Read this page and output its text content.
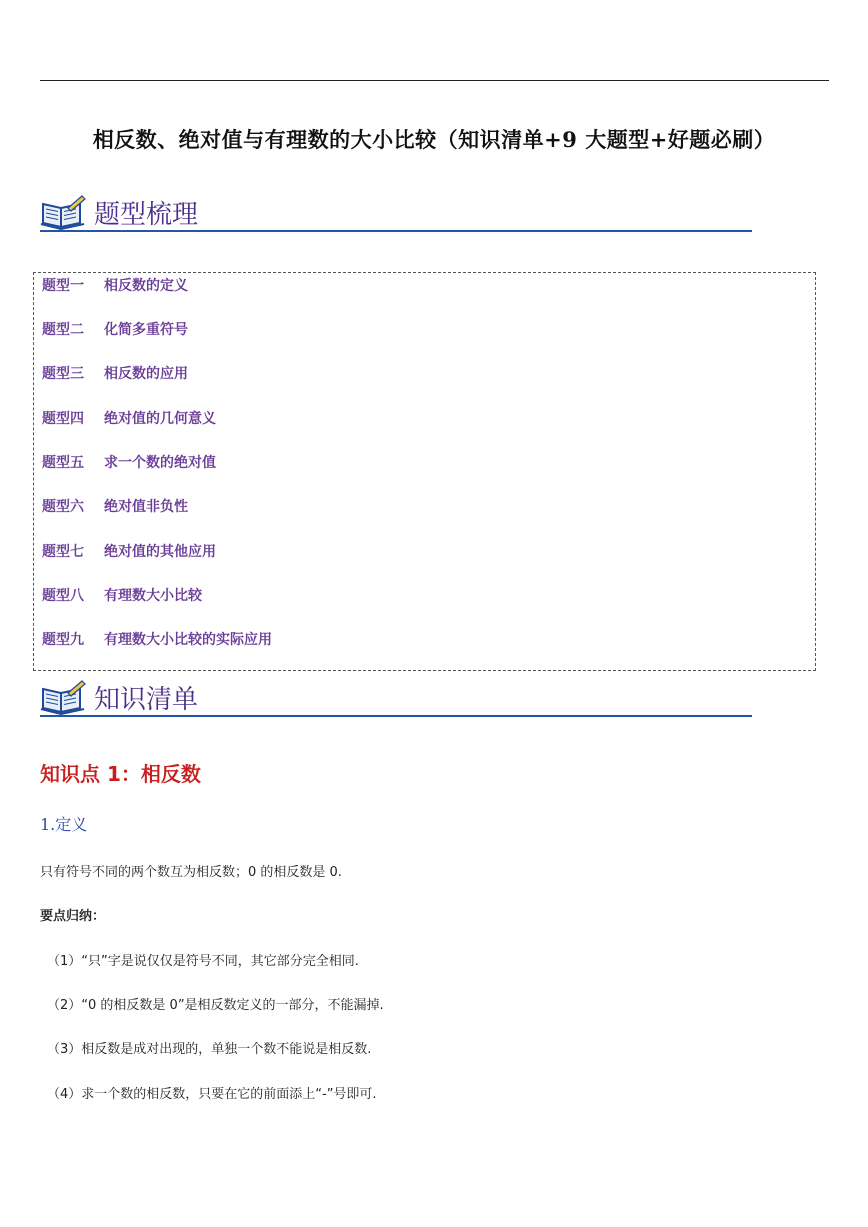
相反数、绝对值与有理数的大小比较（知识清单+9 大题型+好题必刷）
题型梳理
题型一 相反数的定义
题型二 化简多重符号
题型三 相反数的应用
题型四 绝对值的几何意义
题型五 求一个数的绝对值
题型六 绝对值非负性
题型七 绝对值的其他应用
题型八 有理数大小比较
题型九 有理数大小比较的实际应用
知识清单
知识点 1：相反数
1.定义
只有符号不同的两个数互为相反数；0 的相反数是 0.
要点归纳：
（1）“只”字是说仅仅是符号不同，其它部分完全相同.
（2）“0 的相反数是 0”是相反数定义的一部分，不能漏掉.
（3）相反数是成对出现的，单独一个数不能说是相反数.
（4）求一个数的相反数，只要在它的前面添上“-”号即可.
